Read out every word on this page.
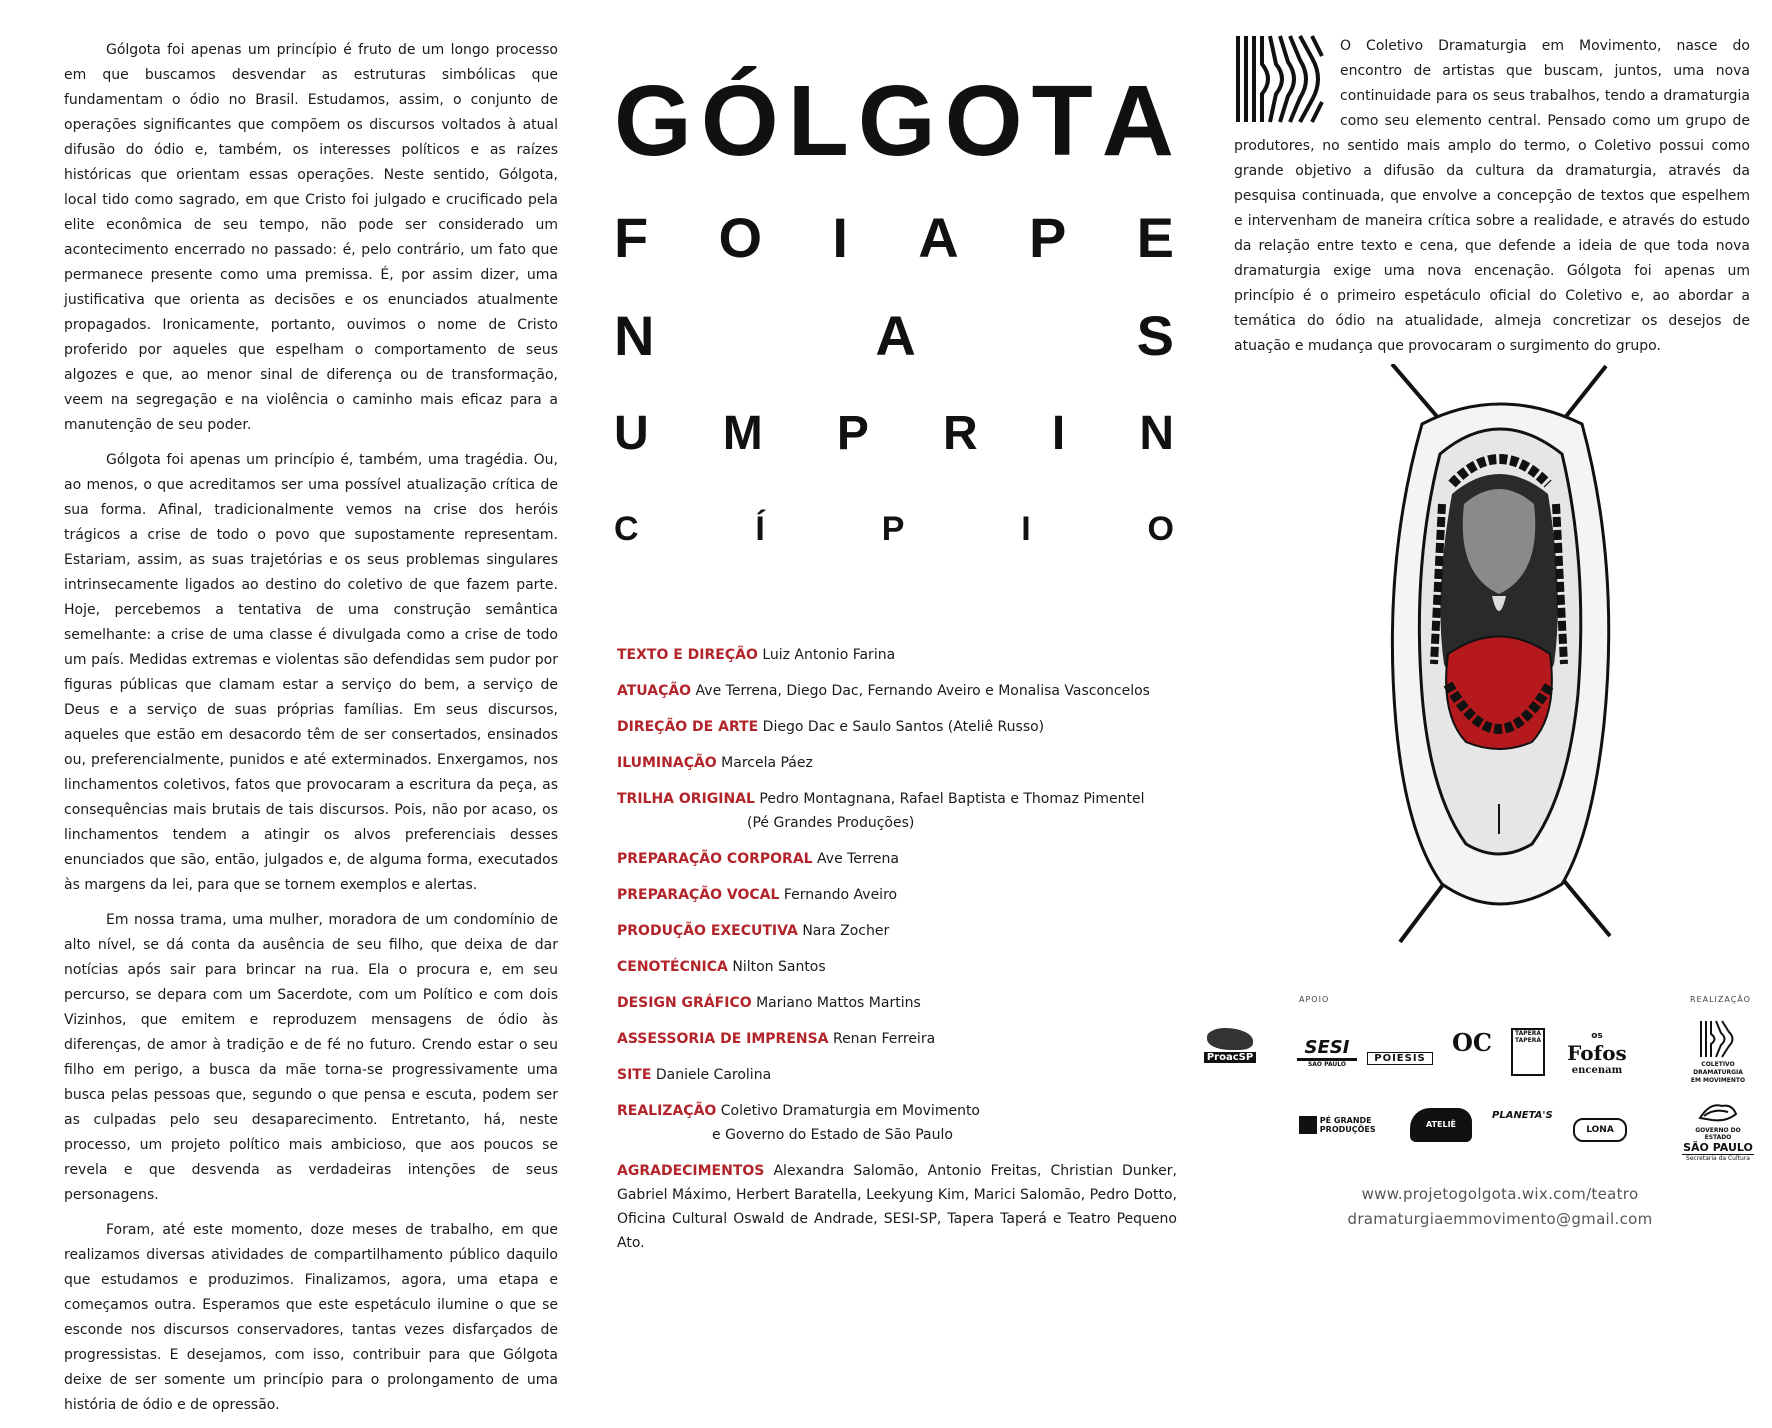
Gólgota foi apenas um princípio é fruto de um longo processo em que buscamos desvendar as estruturas simbólicas que fundamentam o ódio no Brasil. Estudamos, assim, o conjunto de operações significantes que compõem os discursos voltados à atual difusão do ódio e, também, os interesses políticos e as raízes históricas que orientam essas operações. Neste sentido, Gólgota, local tido como sagrado, em que Cristo foi julgado e crucificado pela elite econômica de seu tempo, não pode ser considerado um acontecimento encerrado no passado: é, pelo contrário, um fato que permanece presente como uma premissa. É, por assim dizer, uma justificativa que orienta as decisões e os enunciados atualmente propagados. Ironicamente, portanto, ouvimos o nome de Cristo proferido por aqueles que espelham o comportamento de seus algozes e que, ao menor sinal de diferença ou de transformação, veem na segregação e na violência o caminho mais eficaz para a manutenção de seu poder.

Gólgota foi apenas um princípio é, também, uma tragédia. Ou, ao menos, o que acreditamos ser uma possível atualização crítica de sua forma. Afinal, tradicionalmente vemos na crise dos heróis trágicos a crise de todo o povo que supostamente representam. Estariam, assim, as suas trajetórias e os seus problemas singulares intrinsecamente ligados ao destino do coletivo de que fazem parte. Hoje, percebemos a tentativa de uma construção semântica semelhante: a crise de uma classe é divulgada como a crise de todo um país. Medidas extremas e violentas são defendidas sem pudor por figuras públicas que clamam estar a serviço do bem, a serviço de Deus e a serviço de suas próprias famílias. Em seus discursos, aqueles que estão em desacordo têm de ser consertados, ensinados ou, preferencialmente, punidos e até exterminados. Enxergamos, nos linchamentos coletivos, fatos que provocaram a escritura da peça, as consequências mais brutais de tais discursos. Pois, não por acaso, os linchamentos tendem a atingir os alvos preferenciais desses enunciados que são, então, julgados e, de alguma forma, executados às margens da lei, para que se tornem exemplos e alertas.

Em nossa trama, uma mulher, moradora de um condomínio de alto nível, se dá conta da ausência de seu filho, que deixa de dar notícias após sair para brincar na rua. Ela o procura e, em seu percurso, se depara com um Sacerdote, com um Político e com dois Vizinhos, que emitem e reproduzem mensagens de ódio às diferenças, de amor à tradição e de fé no futuro. Crendo estar o seu filho em perigo, a busca da mãe torna-se progressivamente uma busca pelas pessoas que, segundo o que pensa e escuta, podem ser as culpadas pelo seu desaparecimento. Entretanto, há, neste processo, um projeto político mais ambicioso, que aos poucos se revela e que desvenda as verdadeiras intenções de seus personagens.

Foram, até este momento, doze meses de trabalho, em que realizamos diversas atividades de compartilhamento público daquilo que estudamos e produzimos. Finalizamos, agora, uma etapa e começamos outra. Esperamos que este espetáculo ilumine o que se esconde nos discursos conservadores, tantas vezes disfarçados de progressistas. E desejamos, com isso, contribuir para que Gólgota deixe de ser somente um princípio para o prolongamento de uma história de ódio e de opressão.

G Ó L G O T A
F O I A P E
N	A	S
U M P R I N
C	Í	P	I	O
TEXTO E DIREÇÃO Luiz Antonio Farina
ATUAÇÃO Ave Terrena, Diego Dac, Fernando Aveiro e Monalisa Vasconcelos
DIREÇÃO DE ARTE Diego Dac e Saulo Santos (Ateliê Russo)
ILUMINAÇÃO Marcela Páez
TRILHA ORIGINAL Pedro Montagnana, Rafael Baptista e Thomaz Pimentel
(Pé Grandes Produções)
PREPARAÇÃO CORPORAL Ave Terrena
PREPARAÇÃO VOCAL Fernando Aveiro
PRODUÇÃO EXECUTIVA Nara Zocher
CENOTÉCNICA Nilton Santos
DESIGN GRÁFICO Mariano Mattos Martins
ASSESSORIA DE IMPRENSA Renan Ferreira
SITE Daniele Carolina
REALIZAÇÃO Coletivo Dramaturgia em Movimento
e Governo do Estado de São Paulo
AGRADECIMENTOS Alexandra Salomão, Antonio Freitas, Christian Dunker, Gabriel Máximo, Herbert Baratella, Leekyung Kim, Marici Salomão, Pedro Dotto, Oficina Cultural Oswald de Andrade, SESI-SP, Tapera Taperá e Teatro Pequeno Ato.
O Coletivo Dramaturgia em Movimento, nasce do encontro de artistas que buscam, juntos, uma nova continuidade para os seus trabalhos, tendo a dramaturgia como seu elemento central. Pensado como um grupo de produtores, no sentido mais amplo do termo, o Coletivo possui como grande objetivo a difusão da cultura da dramaturgia, através da pesquisa continuada, que envolve a concepção de textos que espelhem e intervenham de maneira crítica sobre a realidade, e através do estudo da relação entre texto e cena, que defende a ideia de que toda nova dramaturgia exige uma nova encenação. Gólgota foi apenas um princípio é o primeiro espetáculo oficial do Coletivo e, ao abordar a temática do ódio na atualidade, almeja concretizar os desejos de atuação e mudança que provocaram o surgimento do grupo.
APOIO	REALIZAÇÃO
ProacSP	SESI
SÃO PAULO
POIESIS
OC	TAPERA TAPERÁ	os Fofos
encenam
PÉ GRANDE PRODUÇÕES
ATELIÊ RUSSO
PLANETA'S
LONA
COLETIVO
DRAMATURGIA
EM MOVIMENTO
GOVERNO DO ESTADO
SÃO PAULO
Secretaria da Cultura
www.projetogolgota.wix.com/teatro
dramaturgiaemmovimento@gmail.com
